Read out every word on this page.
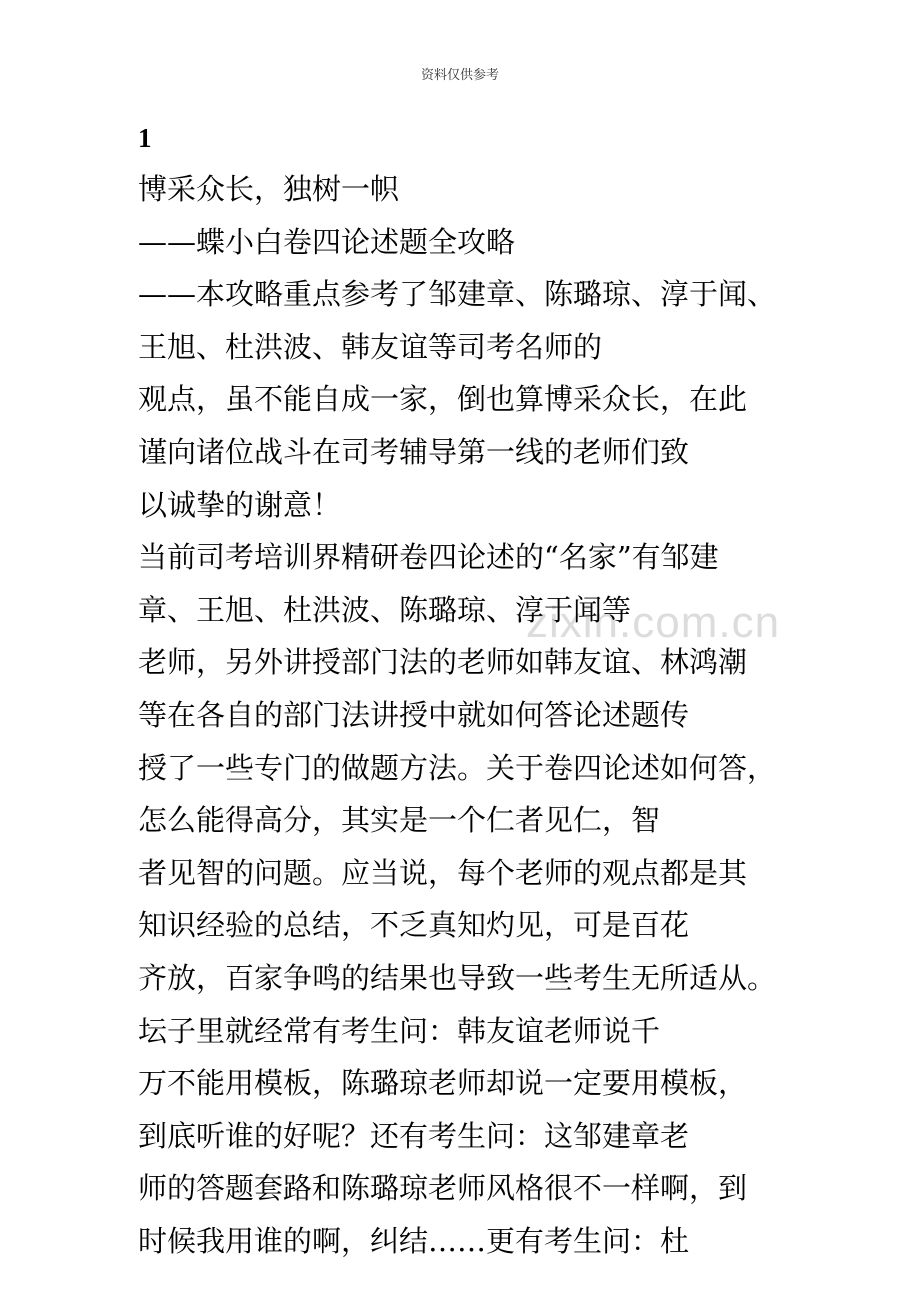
资料仅供参考
zixin.com.cn
1
博采众长，独树一帜
——蝶小白卷四论述题全攻略
——本攻略重点参考了邹建章、陈璐琼、淳于闻、
王旭、杜洪波、韩友谊等司考名师的
观点，虽不能自成一家，倒也算博采众长，在此
谨向诸位战斗在司考辅导第一线的老师们致
以诚挚的谢意！
当前司考培训界精研卷四论述的“名家”有邹建
章、王旭、杜洪波、陈璐琼、淳于闻等
老师，另外讲授部门法的老师如韩友谊、林鸿潮
等在各自的部门法讲授中就如何答论述题传
授了一些专门的做题方法。关于卷四论述如何答，
怎么能得高分，其实是一个仁者见仁，智
者见智的问题。应当说，每个老师的观点都是其
知识经验的总结，不乏真知灼见，可是百花
齐放，百家争鸣的结果也导致一些考生无所适从。
坛子里就经常有考生问：韩友谊老师说千
万不能用模板，陈璐琼老师却说一定要用模板，
到底听谁的好呢？还有考生问：这邹建章老
师的答题套路和陈璐琼老师风格很不一样啊，到
时候我用谁的啊，纠结……更有考生问：杜
